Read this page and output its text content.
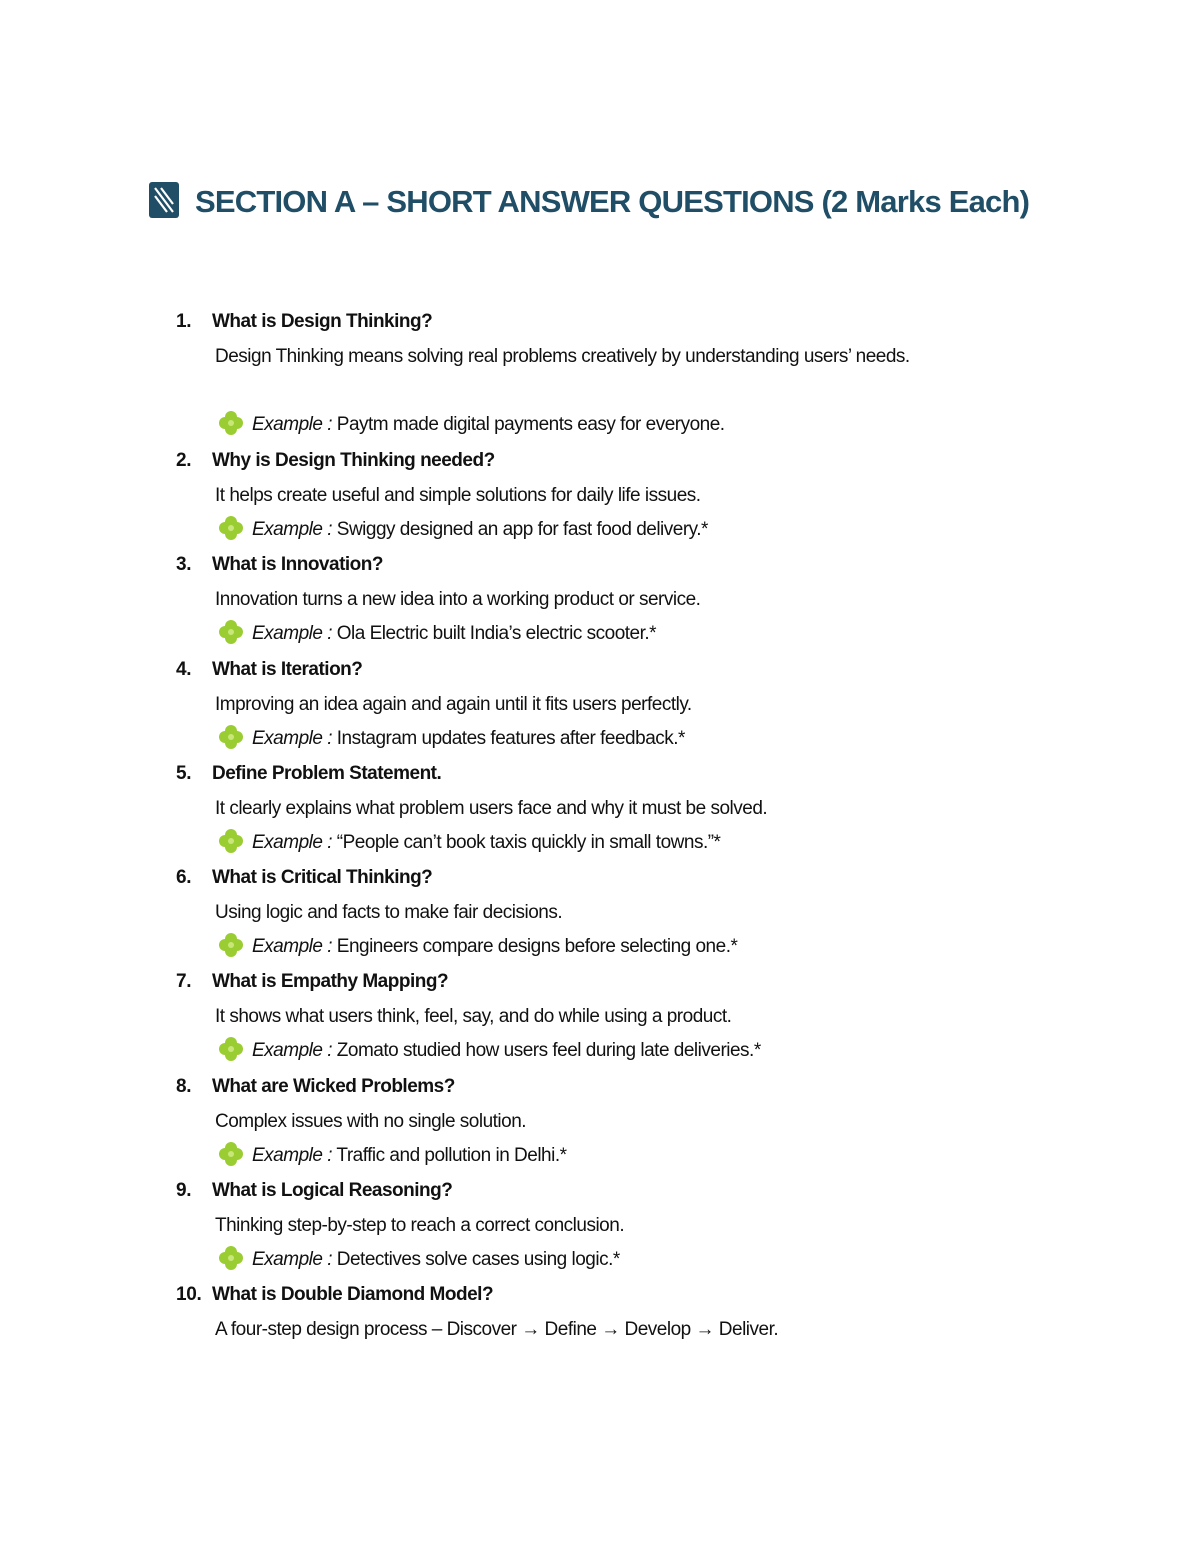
SECTION A – SHORT ANSWER QUESTIONS (2 Marks Each)
1. What is Design Thinking?
Design Thinking means solving real problems creatively by understanding users’ needs.
Example : Paytm made digital payments easy for everyone.
2. Why is Design Thinking needed?
It helps create useful and simple solutions for daily life issues.
Example : Swiggy designed an app for fast food delivery.*
3. What is Innovation?
Innovation turns a new idea into a working product or service.
Example : Ola Electric built India’s electric scooter.*
4. What is Iteration?
Improving an idea again and again until it fits users perfectly.
Example : Instagram updates features after feedback.*
5. Define Problem Statement.
It clearly explains what problem users face and why it must be solved.
Example : “People can’t book taxis quickly in small towns.”*
6. What is Critical Thinking?
Using logic and facts to make fair decisions.
Example : Engineers compare designs before selecting one.*
7. What is Empathy Mapping?
It shows what users think, feel, say, and do while using a product.
Example : Zomato studied how users feel during late deliveries.*
8. What are Wicked Problems?
Complex issues with no single solution.
Example : Traffic and pollution in Delhi.*
9. What is Logical Reasoning?
Thinking step-by-step to reach a correct conclusion.
Example : Detectives solve cases using logic.*
10. What is Double Diamond Model?
A four-step design process – Discover → Define → Develop → Deliver.
